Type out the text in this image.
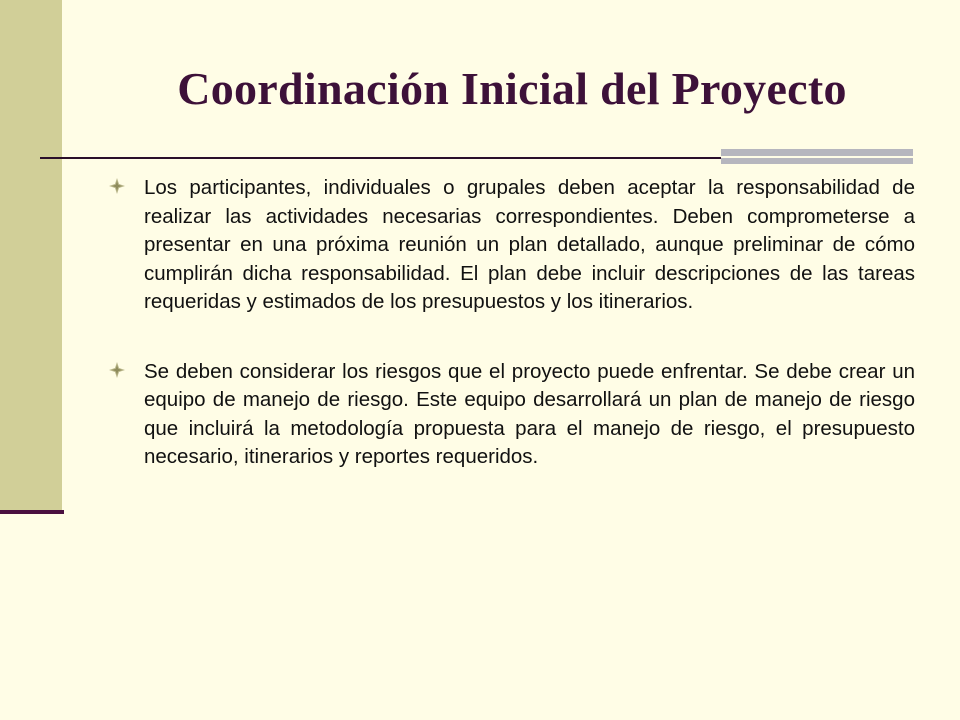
Coordinación Inicial del Proyecto

Los participantes, individuales o grupales deben aceptar la responsabilidad de realizar las actividades necesarias correspondientes. Deben comprometerse a presentar en una próxima reunión un plan detallado, aunque preliminar de cómo cumplirán dicha responsabilidad. El plan debe incluir descripciones de las tareas requeridas y estimados de los presupuestos y los itinerarios.

Se deben considerar los riesgos que el proyecto puede enfrentar. Se debe crear un equipo de manejo de riesgo. Este equipo desarrollará un plan de manejo de riesgo que incluirá la metodología propuesta para el manejo de riesgo, el presupuesto necesario, itinerarios y reportes requeridos.
